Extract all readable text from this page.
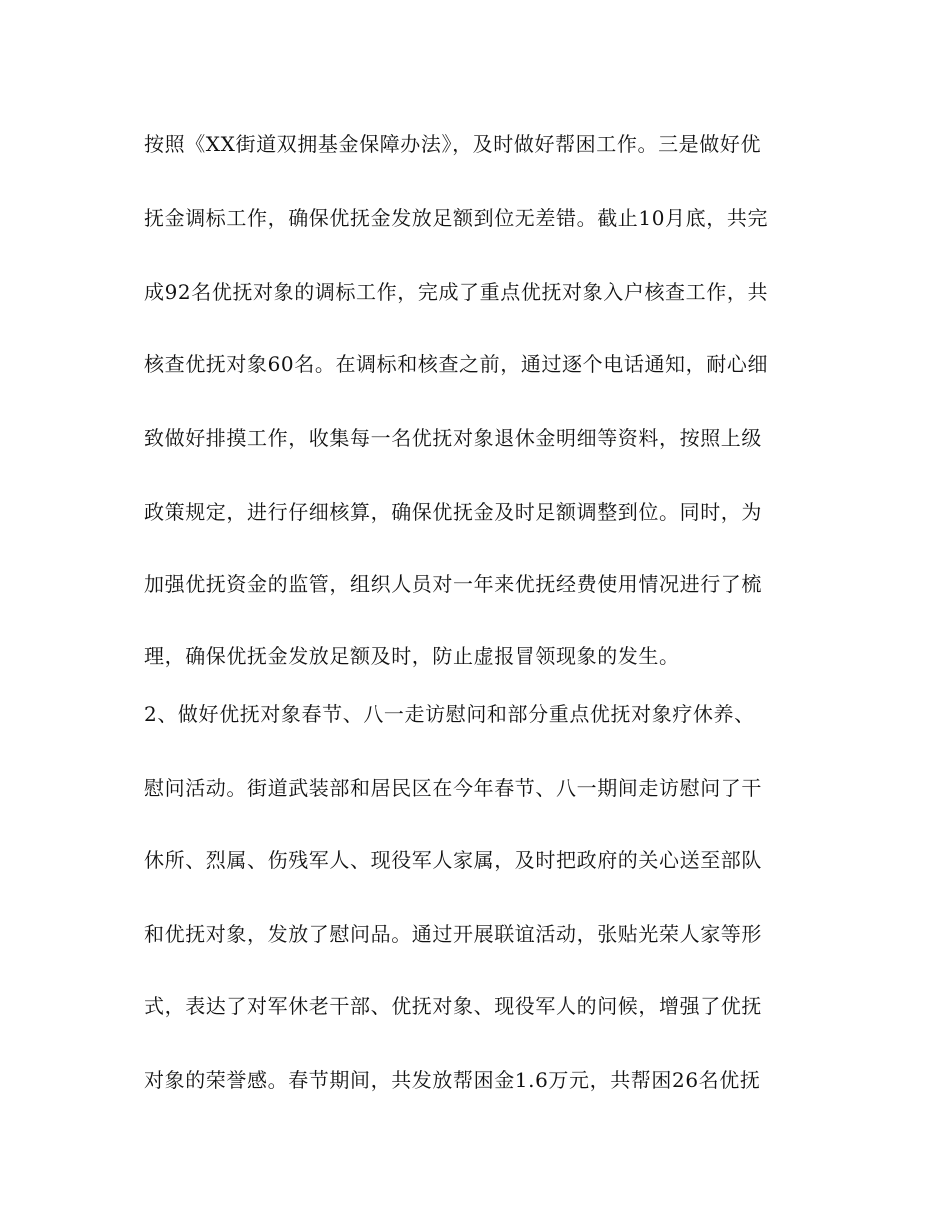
按照《XX街道双拥基金保障办法》，及时做好帮困工作。三是做好优
抚金调标工作，确保优抚金发放足额到位无差错。截止10月底，共完
成92名优抚对象的调标工作，完成了重点优抚对象入户核查工作，共
核查优抚对象60名。在调标和核查之前，通过逐个电话通知，耐心细
致做好排摸工作，收集每一名优抚对象退休金明细等资料，按照上级
政策规定，进行仔细核算，确保优抚金及时足额调整到位。同时，为
加强优抚资金的监管，组织人员对一年来优抚经费使用情况进行了梳
理，确保优抚金发放足额及时，防止虚报冒领现象的发生。
2、做好优抚对象春节、八一走访慰问和部分重点优抚对象疗休养、
慰问活动。街道武装部和居民区在今年春节、八一期间走访慰问了干
休所、烈属、伤残军人、现役军人家属，及时把政府的关心送至部队
和优抚对象，发放了慰问品。通过开展联谊活动，张贴光荣人家等形
式，表达了对军休老干部、优抚对象、现役军人的问候，增强了优抚
对象的荣誉感。春节期间，共发放帮困金1.6万元，共帮困26名优抚
